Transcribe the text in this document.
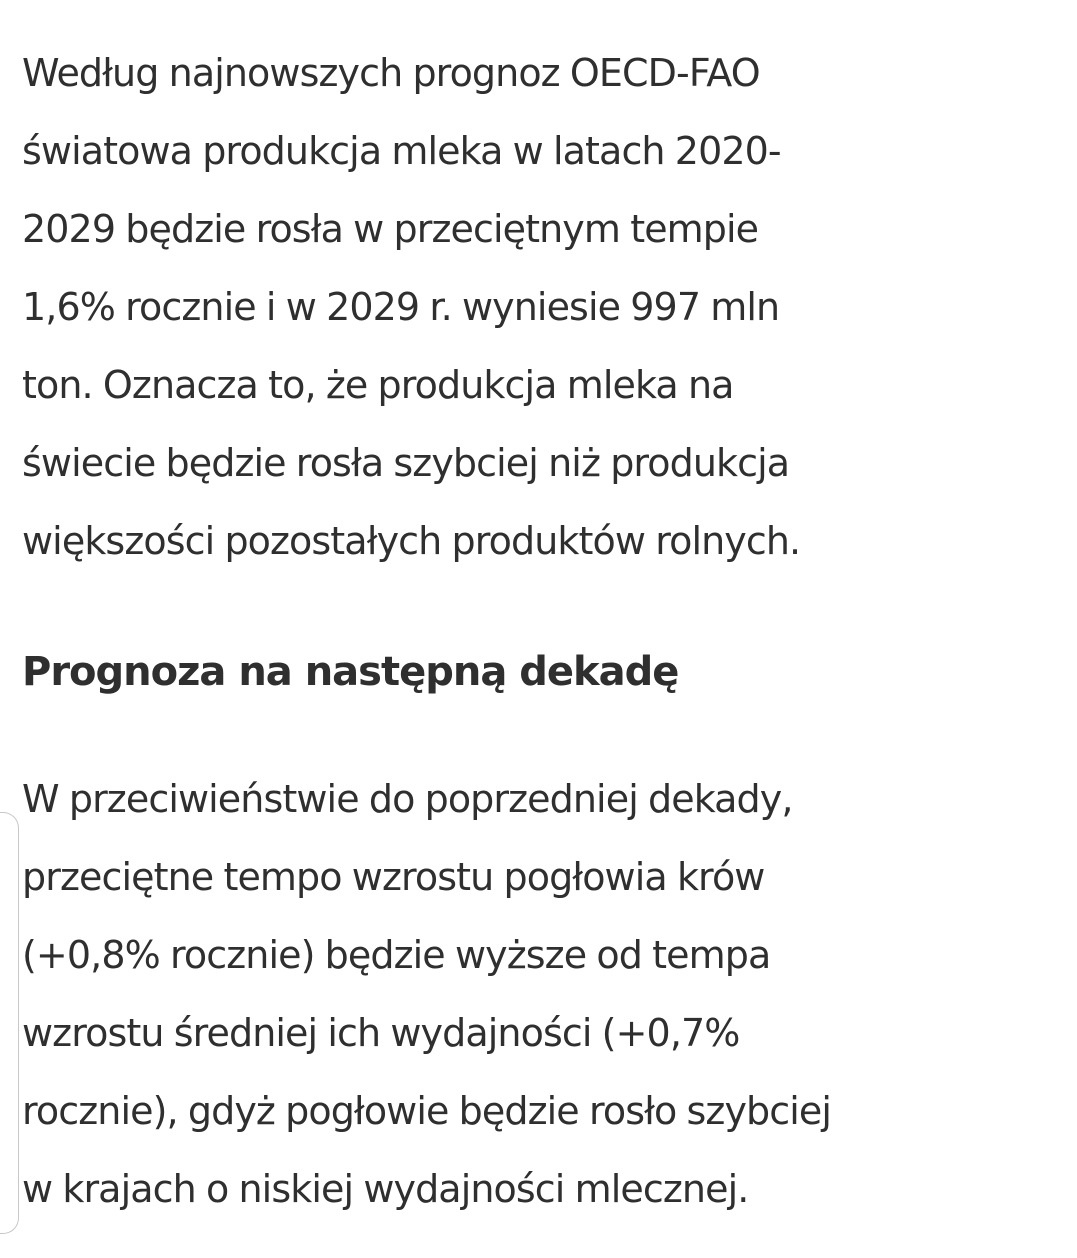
Według najnowszych prognoz OECD-FAO
światowa produkcja mleka w latach 2020-
2029 będzie rosła w przeciętnym tempie
1,6% rocznie i w 2029 r. wyniesie 997 mln
ton. Oznacza to, że produkcja mleka na
świecie będzie rosła szybciej niż produkcja
większości pozostałych produktów rolnych.

Prognoza na następną dekadę

W przeciwieństwie do poprzedniej dekady,
przeciętne tempo wzrostu pogłowia krów
(+0,8% rocznie) będzie wyższe od tempa
wzrostu średniej ich wydajności (+0,7%
rocznie), gdyż pogłowie będzie rosło szybciej
w krajach o niskiej wydajności mlecznej.
